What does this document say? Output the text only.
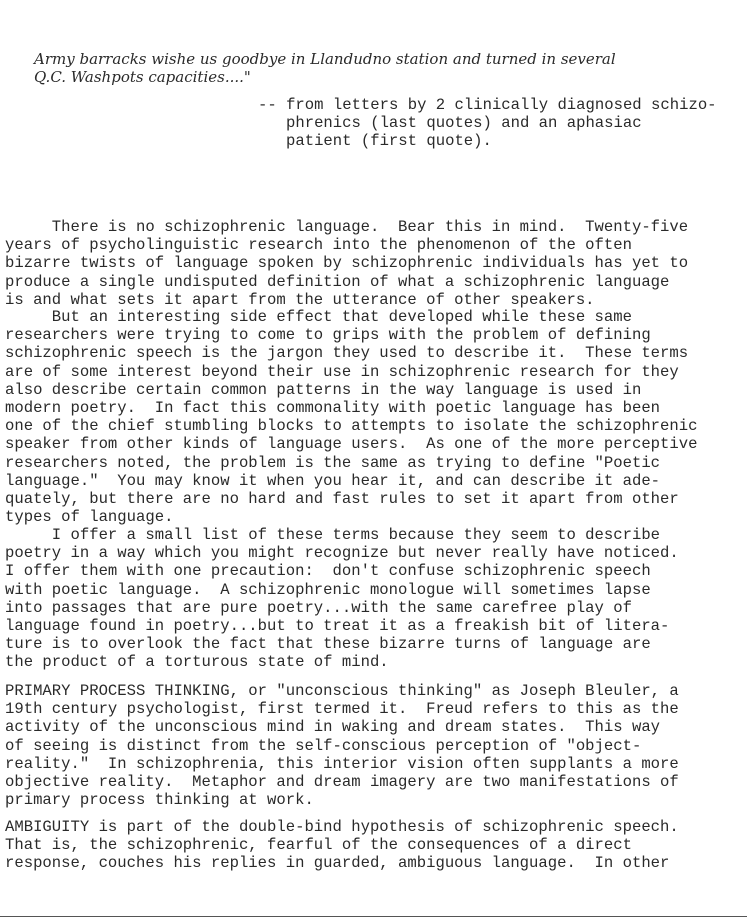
Army barracks wishe us goodbye in Llandudno station and turned in several
Q.C. Washpots capacities...."
-- from letters by 2 clinically diagnosed schizo-
phrenics (last quotes) and an aphasiac
patient (first quote).
There is no schizophrenic language.  Bear this in mind.  Twenty-five
years of psycholinguistic research into the phenomenon of the often
bizarre twists of language spoken by schizophrenic individuals has yet to
produce a single undisputed definition of what a schizophrenic language
is and what sets it apart from the utterance of other speakers.
But an interesting side effect that developed while these same
researchers were trying to come to grips with the problem of defining
schizophrenic speech is the jargon they used to describe it.  These terms
are of some interest beyond their use in schizophrenic research for they
also describe certain common patterns in the way language is used in
modern poetry.  In fact this commonality with poetic language has been
one of the chief stumbling blocks to attempts to isolate the schizophrenic
speaker from other kinds of language users.  As one of the more perceptive
researchers noted, the problem is the same as trying to define "Poetic
language."  You may know it when you hear it, and can describe it ade-
quately, but there are no hard and fast rules to set it apart from other
types of language.
I offer a small list of these terms because they seem to describe
poetry in a way which you might recognize but never really have noticed.
I offer them with one precaution:  don't confuse schizophrenic speech
with poetic language.  A schizophrenic monologue will sometimes lapse
into passages that are pure poetry...with the same carefree play of
language found in poetry...but to treat it as a freakish bit of litera-
ture is to overlook the fact that these bizarre turns of language are
the product of a torturous state of mind.
PRIMARY PROCESS THINKING, or "unconscious thinking" as Joseph Bleuler, a
19th century psychologist, first termed it.  Freud refers to this as the
activity of the unconscious mind in waking and dream states.  This way
of seeing is distinct from the self-conscious perception of "object-
reality."  In schizophrenia, this interior vision often supplants a more
objective reality.  Metaphor and dream imagery are two manifestations of
primary process thinking at work.
AMBIGUITY is part of the double-bind hypothesis of schizophrenic speech.
That is, the schizophrenic, fearful of the consequences of a direct
response, couches his replies in guarded, ambiguous language.  In other
